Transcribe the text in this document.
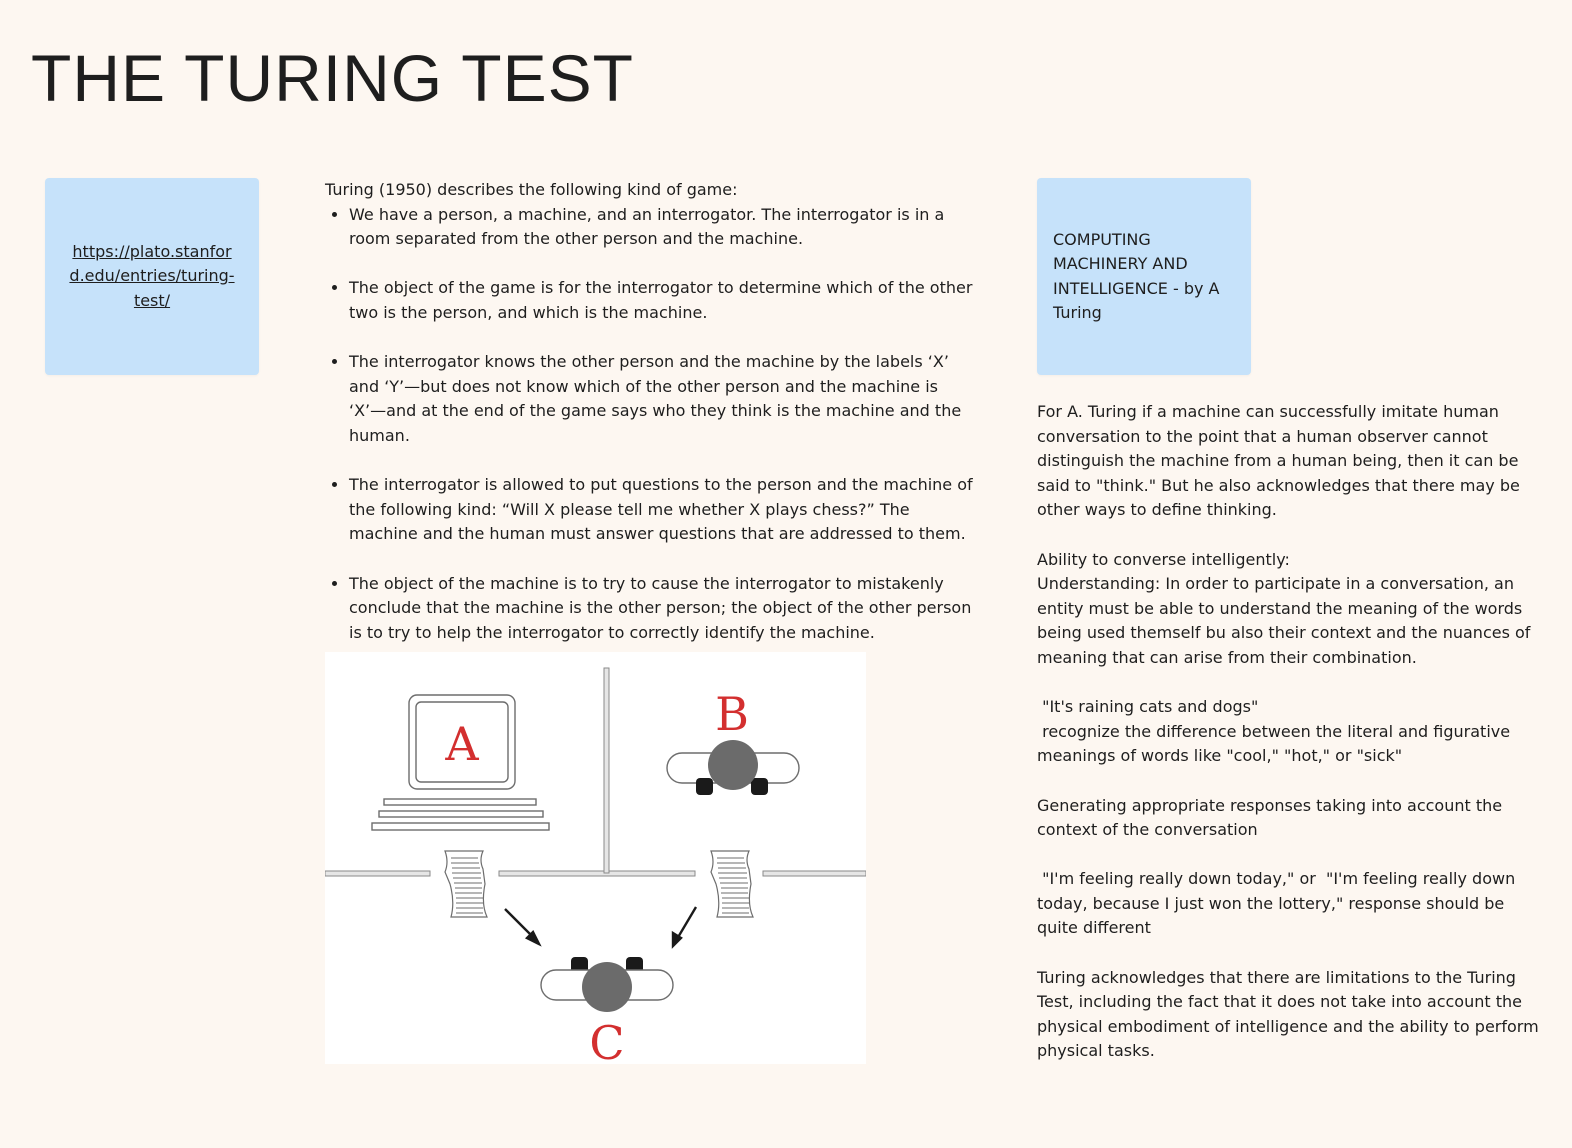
THE TURING TEST
https://plato.stanford.edu/entries/turing-test/

Turing (1950) describes the following kind of game:

• We have a person, a machine, and an interrogator. The interrogator is in a room separated from the other person and the machine.
• The object of the game is for the interrogator to determine which of the other two is the person, and which is the machine.
• The interrogator knows the other person and the machine by the labels ‘X’ and ‘Y’—but does not know which of the other person and the machine is ‘X’—and at the end of the game says who they think is the machine and the human.
• The interrogator is allowed to put questions to the person and the machine of the following kind: “Will X please tell me whether X plays chess?” The machine and the human must answer questions that are addressed to them.
• The object of the machine is to try to cause the interrogator to mistakenly conclude that the machine is the other person; the object of the other person is to try to help the interrogator to correctly identify the machine.
A
B
C
COMPUTING MACHINERY AND INTELLIGENCE - by A Turing

For A. Turing if a machine can successfully imitate human conversation to the point that a human observer cannot distinguish the machine from a human being, then it can be said to "think." But he also acknowledges that there may be other ways to define thinking.

Ability to converse intelligently:

Understanding: In order to participate in a conversation, an entity must be able to understand the meaning of the words being used themself bu also their context and the nuances of meaning that can arise from their combination.

"It's raining cats and dogs"

recognize the difference between the literal and figurative meanings of words like "cool," "hot," or "sick"

Generating appropriate responses taking into account the context of the conversation

"I'm feeling really down today," or  "I'm feeling really down today, because I just won the lottery," response should be quite different

Turing acknowledges that there are limitations to the Turing Test, including the fact that it does not take into account the physical embodiment of intelligence and the ability to perform physical tasks.
